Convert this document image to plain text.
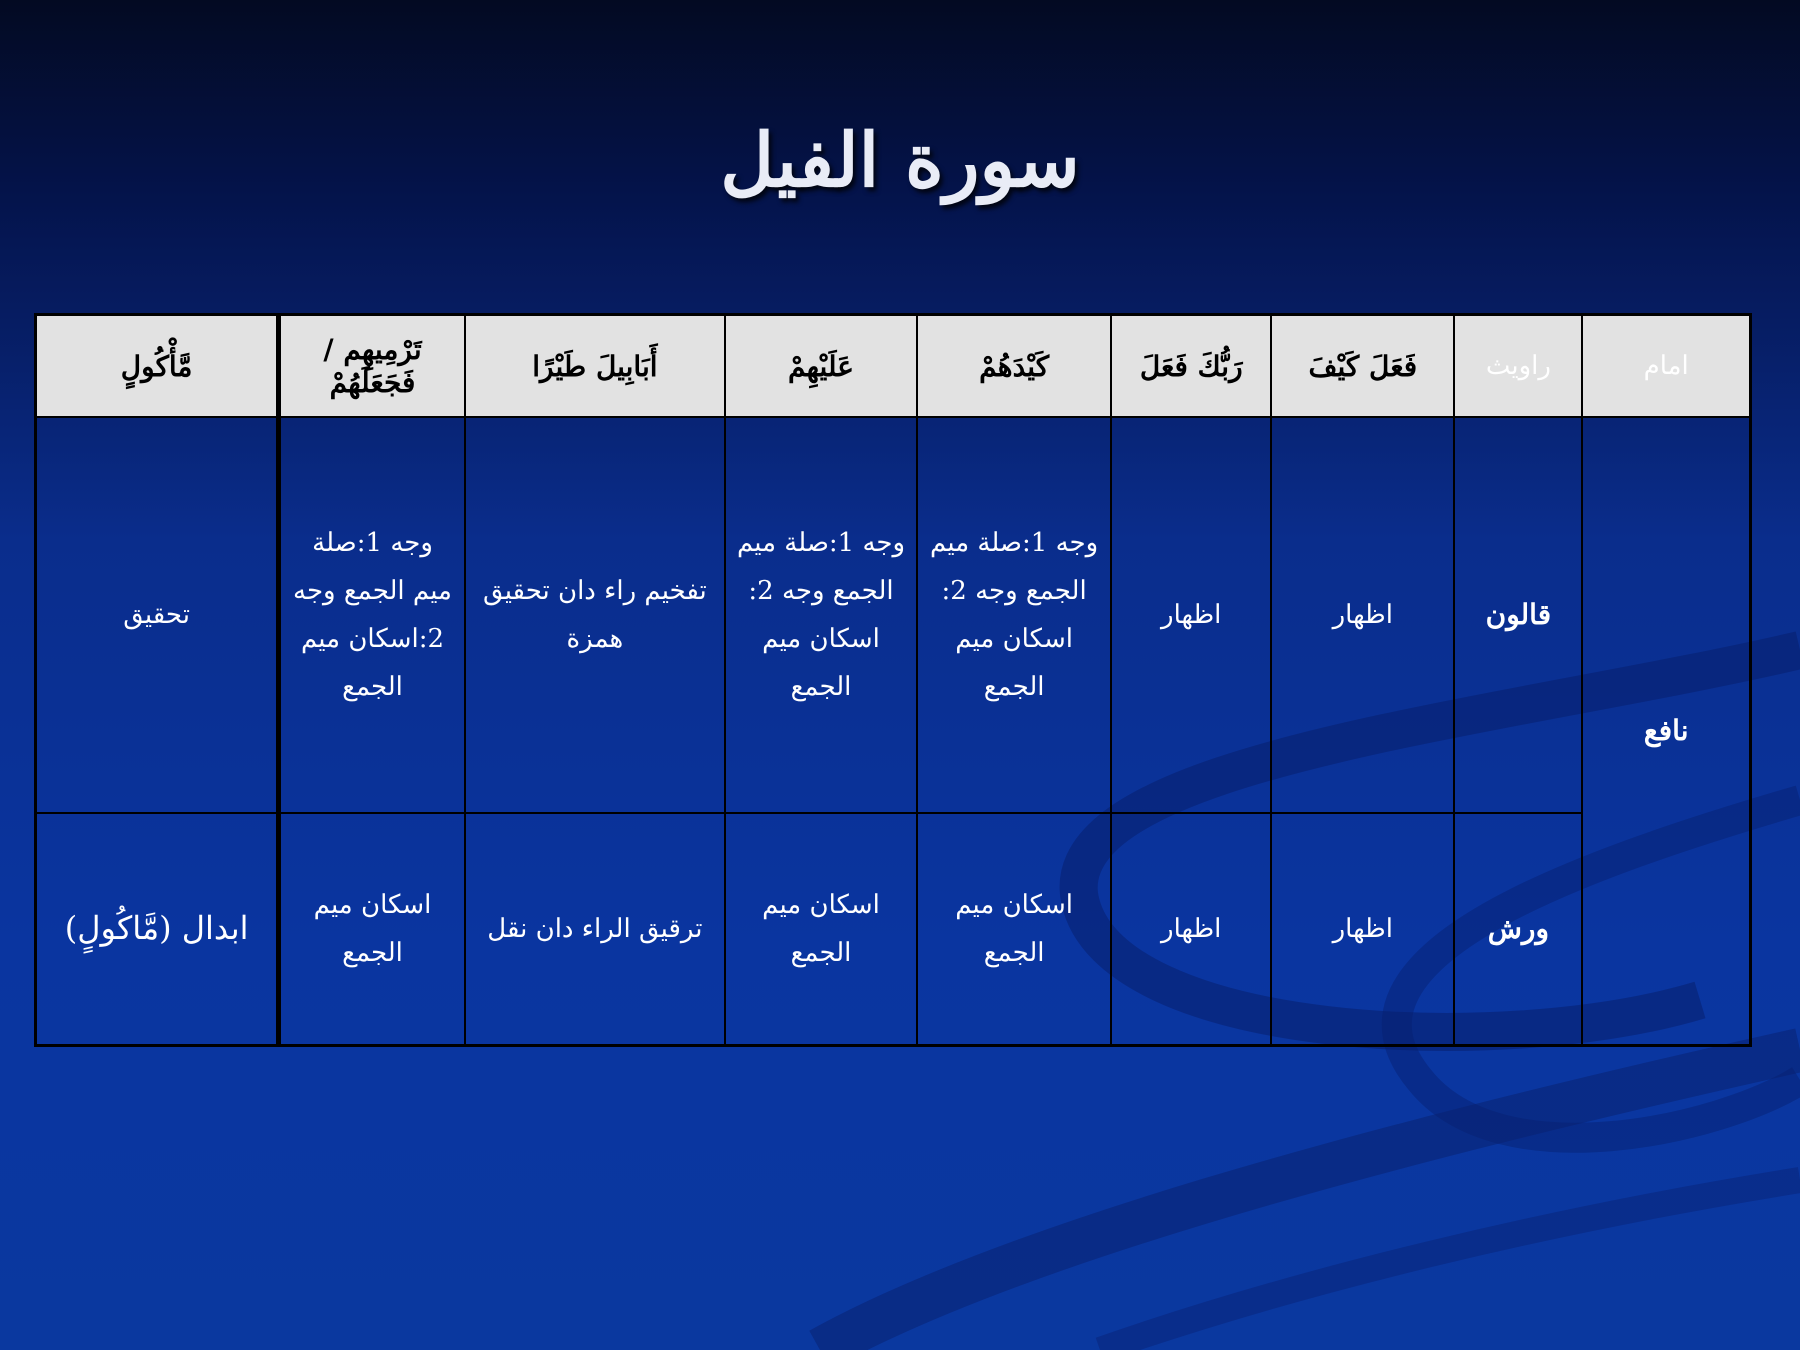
سورة الفيل
امام	راويث	فَعَلَ كَيْفَ	رَبُّكَ فَعَلَ	كَيْدَهُمْ	عَلَيْهِمْ	أَبَابِيلَ طَيْرًا	تَرْمِيهِم / فَجَعَلَهُمْ	مَّأْكُولٍ
نافع	قالون	اظهار	اظهار	وجه 1:صلة ميم الجمع وجه 2: اسكان ميم الجمع	وجه 1:صلة ميم الجمع وجه 2: اسكان ميم الجمع	تفخيم راء دان تحقيق همزة	وجه 1:صلة ميم الجمع وجه 2:اسكان ميم الجمع	تحقيق
	ورش	اظهار	اظهار	اسكان ميم الجمع	اسكان ميم الجمع	ترقيق الراء دان نقل	اسكان ميم الجمع	ابدال (مَّاكُولٍ)
